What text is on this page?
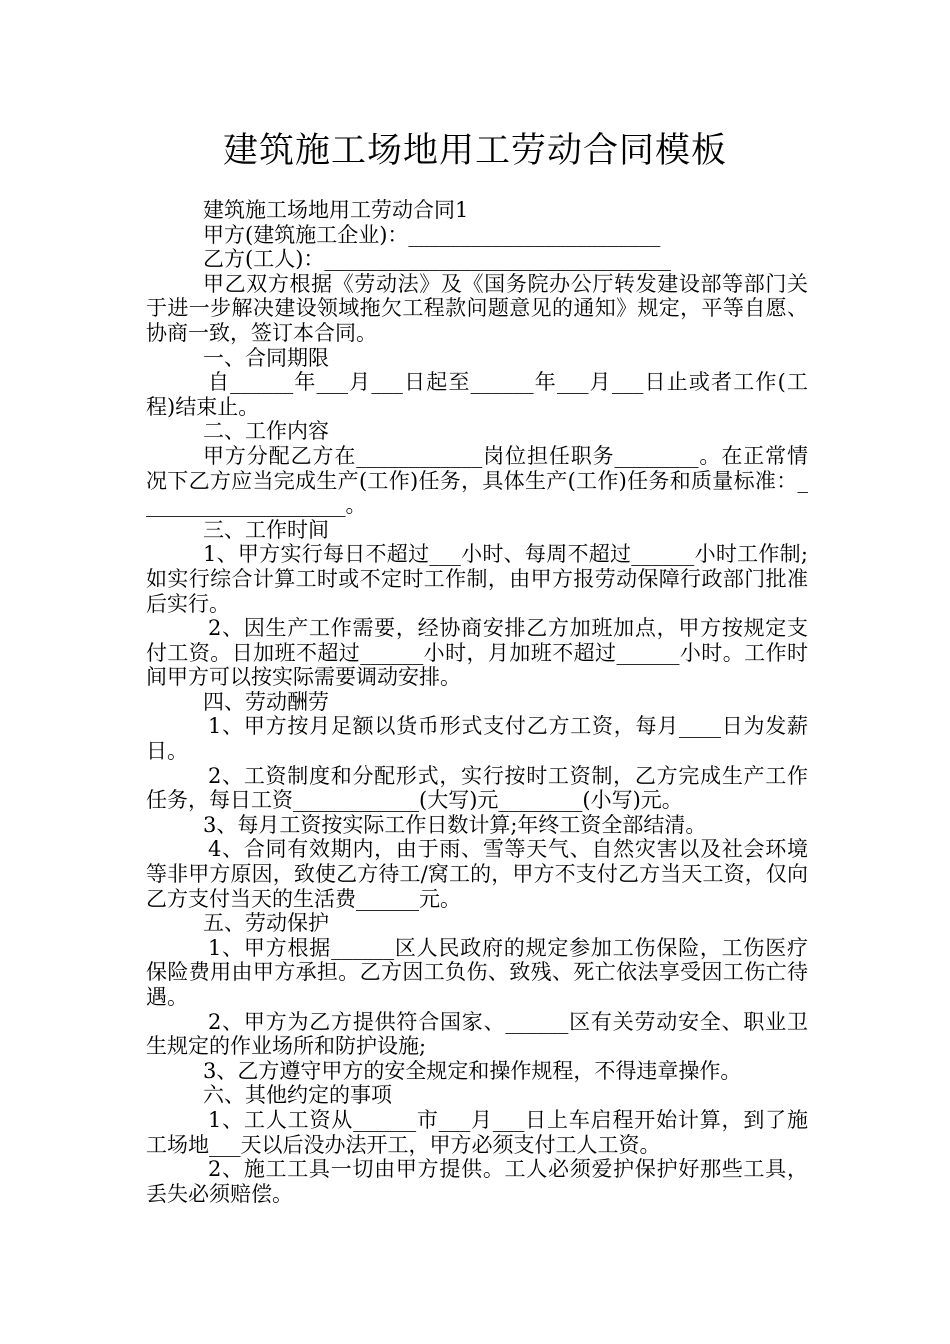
建筑施工场地用工劳动合同模板

建筑施工场地用工劳动合同1

甲方(建筑施工企业)：________________________

乙方(工人)：_________________________________

甲乙双方根据《劳动法》及《国务院办公厅转发建设部等部门关于进一步解决建设领域拖欠工程款问题意见的通知》规定，平等自愿、协商一致，签订本合同。

一、合同期限

自______年___月___日起至______年___月___日止或者工作(工程)结束止。

二、工作内容

甲方分配乙方在____________岗位担任职务________。在正常情况下乙方应当完成生产(工作)任务，具体生产(工作)任务和质量标准：____________________。

三、工作时间

1、甲方实行每日不超过___小时、每周不超过______小时工作制;如实行综合计算工时或不定时工作制，由甲方报劳动保障行政部门批准后实行。

2、因生产工作需要，经协商安排乙方加班加点，甲方按规定支付工资。日加班不超过______小时，月加班不超过______小时。工作时间甲方可以按实际需要调动安排。

四、劳动酬劳

1、甲方按月足额以货币形式支付乙方工资，每月____日为发薪日。

2、工资制度和分配形式，实行按时工资制，乙方完成生产工作任务，每日工资____________(大写)元________(小写)元。

3、每月工资按实际工作日数计算;年终工资全部结清。

4、合同有效期内，由于雨、雪等天气、自然灾害以及社会环境等非甲方原因，致使乙方待工/窝工的，甲方不支付乙方当天工资，仅向乙方支付当天的生活费______元。

五、劳动保护

1、甲方根据______区人民政府的规定参加工伤保险，工伤医疗保险费用由甲方承担。乙方因工负伤、致残、死亡依法享受因工伤亡待遇。

2、甲方为乙方提供符合国家、______区有关劳动安全、职业卫生规定的作业场所和防护设施;

3、乙方遵守甲方的安全规定和操作规程，不得违章操作。

六、其他约定的事项

1、工人工资从______市___月___日上车启程开始计算，到了施工场地___天以后没办法开工，甲方必须支付工人工资。

2、施工工具一切由甲方提供。工人必须爱护保护好那些工具，丢失必须赔偿。
